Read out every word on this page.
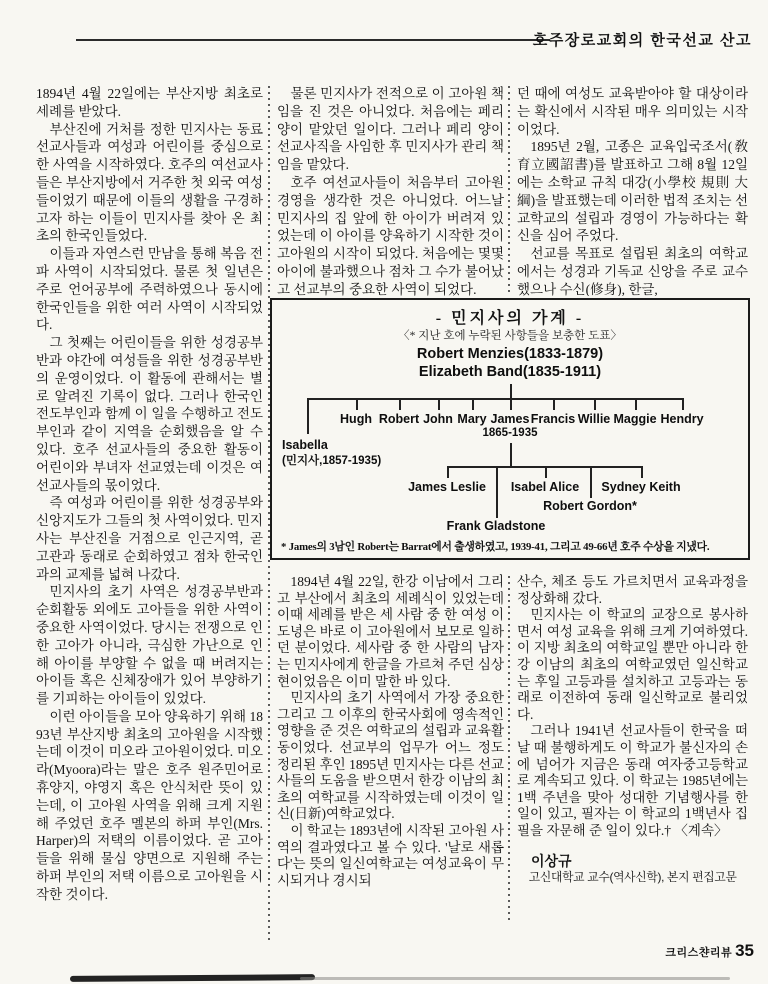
호주장로교회의 한국선교 산고

1894년 4월 22일에는 부산지방 최초로 세례를 받았다.

부산진에 거처를 정한 민지사는 동료 선교사들과 여성과 어린이를 중심으로 한 사역을 시작하였다. 호주의 여선교사들은 부산지방에서 거주한 첫 외국 여성들이었기 때문에 이들의 생활을 구경하고자 하는 이들이 민지사를 찾아 온 최초의 한국인들었다.

이들과 자연스런 만남을 통해 복음 전파 사역이 시작되었다. 물론 첫 일년은 주로 언어공부에 주력하였으나 동시에 한국인들을 위한 여러 사역이 시작되었다.

그 첫째는 어린이들을 위한 성경공부반과 야간에 여성들을 위한 성경공부반의 운영이었다. 이 활동에 관해서는 별로 알려진 기록이 없다. 그러나 한국인 전도부인과 함께 이 일을 수행하고 전도부인과 같이 지역을 순회했음을 알 수 있다. 호주 선교사들의 중요한 활동이 어린이와 부녀자 선교였는데 이것은 여 선교사들의 몫이었다.

즉 여성과 어린이를 위한 성경공부와 신앙지도가 그들의 첫 사역이었다. 민지사는 부산진을 거점으로 인근지역, 곧 고관과 동래로 순회하였고 점차 한국인과의 교제를 넓혀 나갔다.

민지사의 초기 사역은 성경공부반과 순회활동 외에도 고아들을 위한 사역이 중요한 사역이었다. 당시는 전쟁으로 인한 고아가 아니라, 극심한 가난으로 인해 아이를 부양할 수 없을 때 버려지는 아이들 혹은 신체장애가 있어 부양하기를 기피하는 아이들이 있었다.

이런 아이들을 모아 양육하기 위해 1893년 부산지방 최초의 고아원을 시작했는데 이것이 미오라 고아원이었다. 미오라(Myoora)라는 말은 호주 원주민어로 휴양지, 야영지 혹은 안식처란 뜻이 있는데, 이 고아원 사역을 위해 크게 지원해 주었던 호주 멜본의 하퍼 부인(Mrs. Harper)의 저택의 이름이었다. 곧 고아들을 위해 물심 양면으로 지원해 주는 하퍼 부인의 저택 이름으로 고아원을 시작한 것이다.

물론 민지사가 전적으로 이 고아원 책임을 진 것은 아니었다. 처음에는 페리 양이 맡았던 일이다. 그러나 페리 양이 선교사직을 사임한 후 민지사가 관리 책임을 맡았다.

호주 여선교사들이 처음부터 고아원 경영을 생각한 것은 아니었다. 어느날 민지사의 집 앞에 한 아이가 버려져 있었는데 이 아이를 양육하기 시작한 것이 고아원의 시작이 되었다. 처음에는 몇몇 아이에 불과했으나 점차 그 수가 불어났고 선교부의 중요한 사역이 되었다.

던 때에 여성도 교육받아야 할 대상이라는 확신에서 시작된 매우 의미있는 시작이었다.

1895년 2월, 고종은 교육입국조서(敎育立國詔書)를 발표하고 그해 8월 12일에는 소학교 규칙 대강(小學校 規則 大綱)을 발표했는데 이러한 법적 조치는 선교학교의 설립과 경영이 가능하다는 확신을 심어 주었다.

선교를 목표로 설립된 최초의 여학교에서는 성경과 기독교 신앙을 주로 교수했으나 수신(修身), 한글,

- 민지사의 가계 -
〈* 지난 호에 누락된 사항들을 보충한 도표〉
Robert Menzies(1833-1879)
Elizabeth Band(1835-1911)
Hugh Robert John Mary James
1865-1935
Francis Willie Maggie Hendry
Isabella
(민지사,1857-1935)
James Leslie
Frank Gladstone
Isabel Alice
Robert Gordon*
Sydney Keith
* James의 3남인 Robert는 Barrat에서 출생하였고, 1939-41, 그리고 49-66년 호주 수상을 지냈다.

1894년 4월 22일, 한강 이남에서 그리고 부산에서 최초의 세례식이 있었는데 이때 세례를 받은 세 사람 중 한 여성 이도녕은 바로 이 고아원에서 보모로 일하던 분이었다. 세사람 중 한 사람의 남자는 민지사에게 한글을 가르쳐 주던 심상현이었음은 이미 말한 바 있다.

민지사의 초기 사역에서 가장 중요한 그리고 그 이후의 한국사회에 영속적인 영향을 준 것은 여학교의 설립과 교육활동이었다. 선교부의 업무가 어느 정도 정리된 후인 1895년 민지사는 다른 선교사들의 도움을 받으면서 한강 이남의 최초의 여학교를 시작하였는데 이것이 일신(日新)여학교었다.

이 학교는 1893년에 시작된 고아원 사역의 결과였다고 볼 수 있다. '날로 새롭다'는 뜻의 일신여학교는 여성교육이 무시되거나 경시되

산수, 체조 등도 가르치면서 교육과정을 정상화해 갔다.

민지사는 이 학교의 교장으로 봉사하면서 여성 교육을 위해 크게 기여하였다. 이 지방 최초의 여학교일 뿐만 아니라 한강 이남의 최초의 여학교였던 일신학교는 후일 고등과를 설치하고 고등과는 동래로 이전하여 동래 일신학교로 불리었다.

그러나 1941년 선교사들이 한국을 떠날 때 불행하게도 이 학교가 불신자의 손에 넘어가 지금은 동래 여자중고등학교로 계속되고 있다. 이 학교는 1985년에는 1백 주년을 맞아 성대한 기념행사를 한 일이 있고, 필자는 이 학교의 1백년사 집필을 자문해 준 일이 있다.† 〈계속〉

이상규

고신대학교 교수(역사신학), 본지 편집고문

크리스챤리뷰 35
